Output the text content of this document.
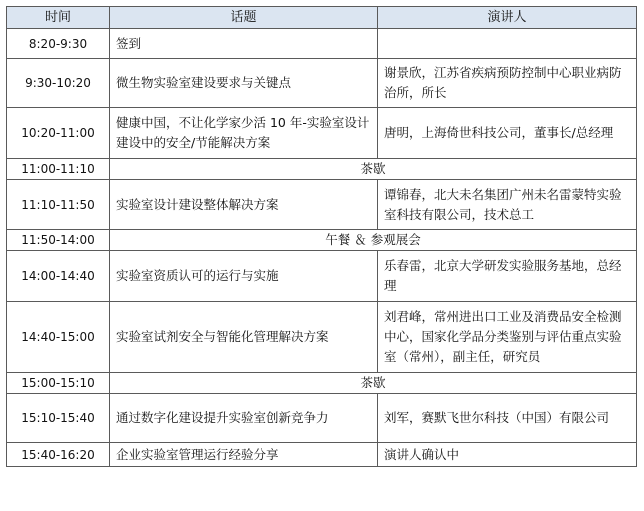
时间	话题	演讲人
8:20-9:30	签到	
9:30-10:20	微生物实验室建设要求与关键点	谢景欣，江苏省疾病预防控制中心职业病防治所，所长
10:20-11:00	健康中国，不让化学家少活 10 年-实验室设计建设中的安全/节能解决方案	唐明，上海倚世科技公司，董事长/总经理
11:00-11:10	茶歇	
11:10-11:50	实验室设计建设整体解决方案	谭锦春，北大未名集团广州未名雷蒙特实验室科技有限公司，技术总工
11:50-14:00	午餐 ＆ 参观展会	
14:00-14:40	实验室资质认可的运行与实施	乐春雷，北京大学研发实验服务基地，总经理
14:40-15:00	实验室试剂安全与智能化管理解决方案	刘君峰，常州进出口工业及消费品安全检测中心，国家化学品分类鉴别与评估重点实验室（常州），副主任，研究员
15:00-15:10	茶歇	
15:10-15:40	通过数字化建设提升实验室创新竞争力	刘军，赛默飞世尔科技（中国）有限公司
15:40-16:20	企业实验室管理运行经验分享	演讲人确认中
